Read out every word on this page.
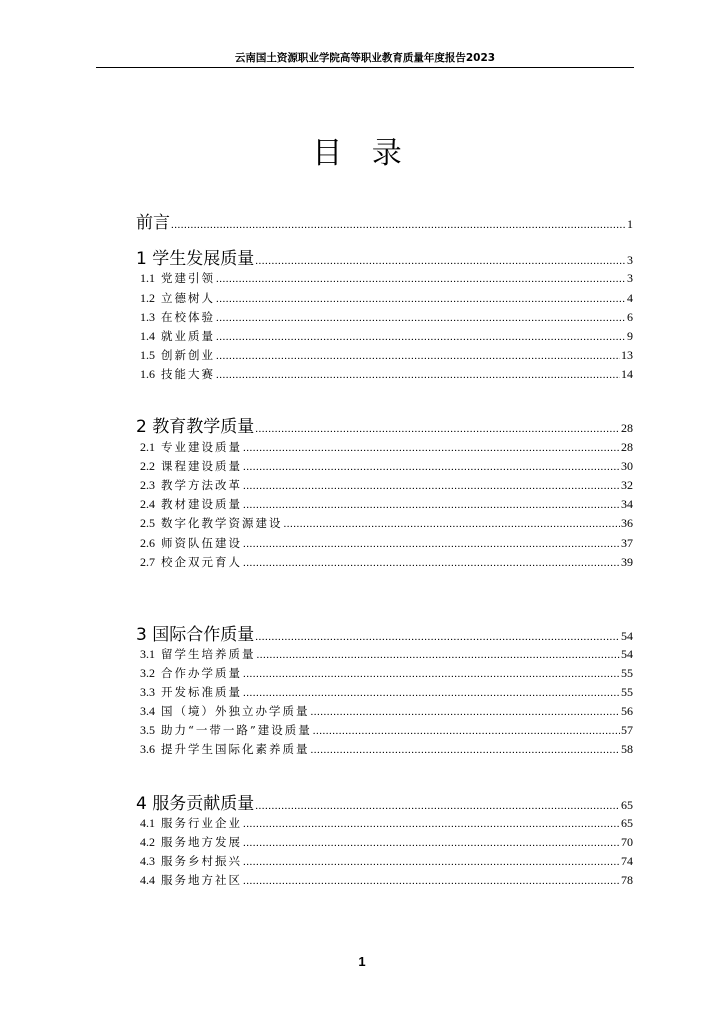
云南国土资源职业学院高等职业教育质量年度报告2023
目 录
前言 .....	1
1 学生发展质量 .....	3
1.1 党建引领 .....	3
1.2 立德树人 .....	4
1.3 在校体验 .....	6
1.4 就业质量 .....	9
1.5 创新创业 .....	13
1.6 技能大赛 .....	14
2 教育教学质量 .....	28
2.1 专业建设质量 .....	28
2.2 课程建设质量 .....	30
2.3 教学方法改革 .....	32
2.4 教材建设质量 .....	34
2.5 数字化教学资源建设 .....	36
2.6 师资队伍建设 .....	37
2.7 校企双元育人 .....	39
3 国际合作质量 .....	54
3.1 留学生培养质量 .....	54
3.2 合作办学质量 .....	55
3.3 开发标准质量 .....	55
3.4 国（境）外独立办学质量 .....	56
3.5 助力“一带一路”建设质量 .....	57
3.6 提升学生国际化素养质量 .....	58
4 服务贡献质量 .....	65
4.1 服务行业企业 .....	65
4.2 服务地方发展 .....	70
4.3 服务乡村振兴 .....	74
4.4 服务地方社区 .....	78
1
